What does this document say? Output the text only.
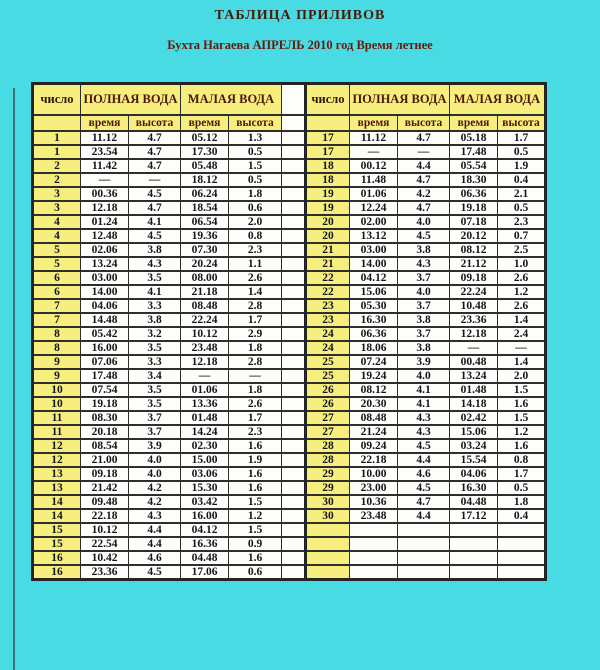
ТАБЛИЦА ПРИЛИВОВ
Бухта Нагаева АПРЕЛЬ 2010 год Время летнее
число	ПОЛНАЯ ВОДА		МАЛАЯ ВОДА		
	время	высота	время	высота	
1	11.12	4.7	05.12	1.3	
1	23.54	4.7	17.30	0.5	
2	11.42	4.7	05.48	1.5	
2	—	—	18.12	0.5	
3	00.36	4.5	06.24	1.8	
3	12.18	4.7	18.54	0.6	
4	01.24	4.1	06.54	2.0	
4	12.48	4.5	19.36	0.8	
5	02.06	3.8	07.30	2.3	
5	13.24	4.3	20.24	1.1	
6	03.00	3.5	08.00	2.6	
6	14.00	4.1	21.18	1.4	
7	04.06	3.3	08.48	2.8	
7	14.48	3.8	22.24	1.7	
8	05.42	3.2	10.12	2.9	
8	16.00	3.5	23.48	1.8	
9	07.06	3.3	12.18	2.8	
9	17.48	3.4	—	—	
10	07.54	3.5	01.06	1.8	
10	19.18	3.5	13.36	2.6	
11	08.30	3.7	01.48	1.7	
11	20.18	3.7	14.24	2.3	
12	08.54	3.9	02.30	1.6	
12	21.00	4.0	15.00	1.9	
13	09.18	4.0	03.06	1.6	
13	21.42	4.2	15.30	1.6	
14	09.48	4.2	03.42	1.5	
14	22.18	4.3	16.00	1.2	
15	10.12	4.4	04.12	1.5	
15	22.54	4.4	16.36	0.9	
16	10.42	4.6	04.48	1.6	
16	23.36	4.5	17.06	0.6	
число	ПОЛНАЯ ВОДА		МАЛАЯ ВОДА	
	время	высота	время	высота
17	11.12	4.7	05.18	1.7
17	—	—	17.48	0.5
18	00.12	4.4	05.54	1.9
18	11.48	4.7	18.30	0.4
19	01.06	4.2	06.36	2.1
19	12.24	4.7	19.18	0.5
20	02.00	4.0	07.18	2.3
20	13.12	4.5	20.12	0.7
21	03.00	3.8	08.12	2.5
21	14.00	4.3	21.12	1.0
22	04.12	3.7	09.18	2.6
22	15.06	4.0	22.24	1.2
23	05.30	3.7	10.48	2.6
23	16.30	3.8	23.36	1.4
24	06.36	3.7	12.18	2.4
24	18.06	3.8	—	—
25	07.24	3.9	00.48	1.4
25	19.24	4.0	13.24	2.0
26	08.12	4.1	01.48	1.5
26	20.30	4.1	14.18	1.6
27	08.48	4.3	02.42	1.5
27	21.24	4.3	15.06	1.2
28	09.24	4.5	03.24	1.6
28	22.18	4.4	15.54	0.8
29	10.00	4.6	04.06	1.7
29	23.00	4.5	16.30	0.5
30	10.36	4.7	04.48	1.8
30	23.48	4.4	17.12	0.4
